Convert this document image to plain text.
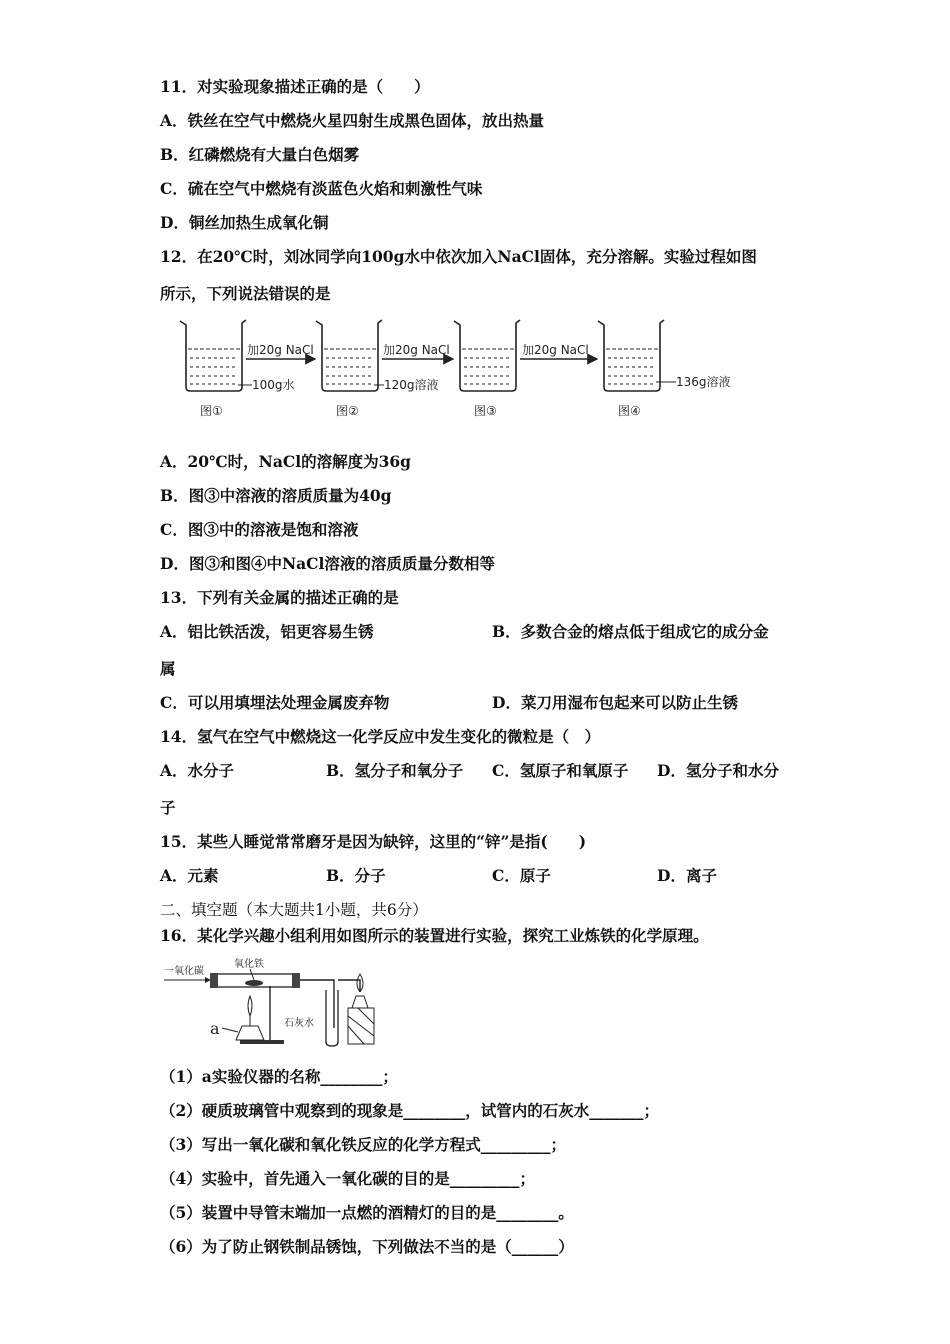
11．对实验现象描述正确的是（　　）
A．铁丝在空气中燃烧火星四射生成黑色固体，放出热量
B．红磷燃烧有大量白色烟雾
C．硫在空气中燃烧有淡蓝色火焰和刺激性气味
D．铜丝加热生成氧化铜
12．在20℃时，刘冰同学向100g水中依次加入NaCl固体，充分溶解。实验过程如图
所示，下列说法错误的是
加20g NaCl	加20g NaCl	加20g NaCl
100g水	120g溶液	136g溶液
图①	图②	图③	图④
A．20℃时，NaCl的溶解度为36g
B．图③中溶液的溶质质量为40g
C．图③中的溶液是饱和溶液
D．图③和图④中NaCl溶液的溶质质量分数相等
13．下列有关金属的描述正确的是
A．铝比铁活泼，铝更容易生锈	B．多数合金的熔点低于组成它的成分金
属
C．可以用填埋法处理金属废弃物	D．菜刀用湿布包起来可以防止生锈
14．氢气在空气中燃烧这一化学反应中发生变化的微粒是（　）
A．水分子	B．氢分子和氧分子 C．氢原子和氧原子 D．氢分子和水分
子
15．某些人睡觉常常磨牙是因为缺锌，这里的“锌”是指(　　)
A．元素	B．分子	C．原子	D．离子
二、填空题（本大题共1小题，共6分）
16．某化学兴趣小组利用如图所示的装置进行实验，探究工业炼铁的化学原理。
一氧化碳
氧化铁
a	石灰水
（1）a实验仪器的名称________；
（2）硬质玻璃管中观察到的现象是________，试管内的石灰水_______；
（3）写出一氧化碳和氧化铁反应的化学方程式_________；
（4）实验中，首先通入一氧化碳的目的是_________；
（5）装置中导管末端加一点燃的酒精灯的目的是________。
（6）为了防止钢铁制品锈蚀，下列做法不当的是（______）
